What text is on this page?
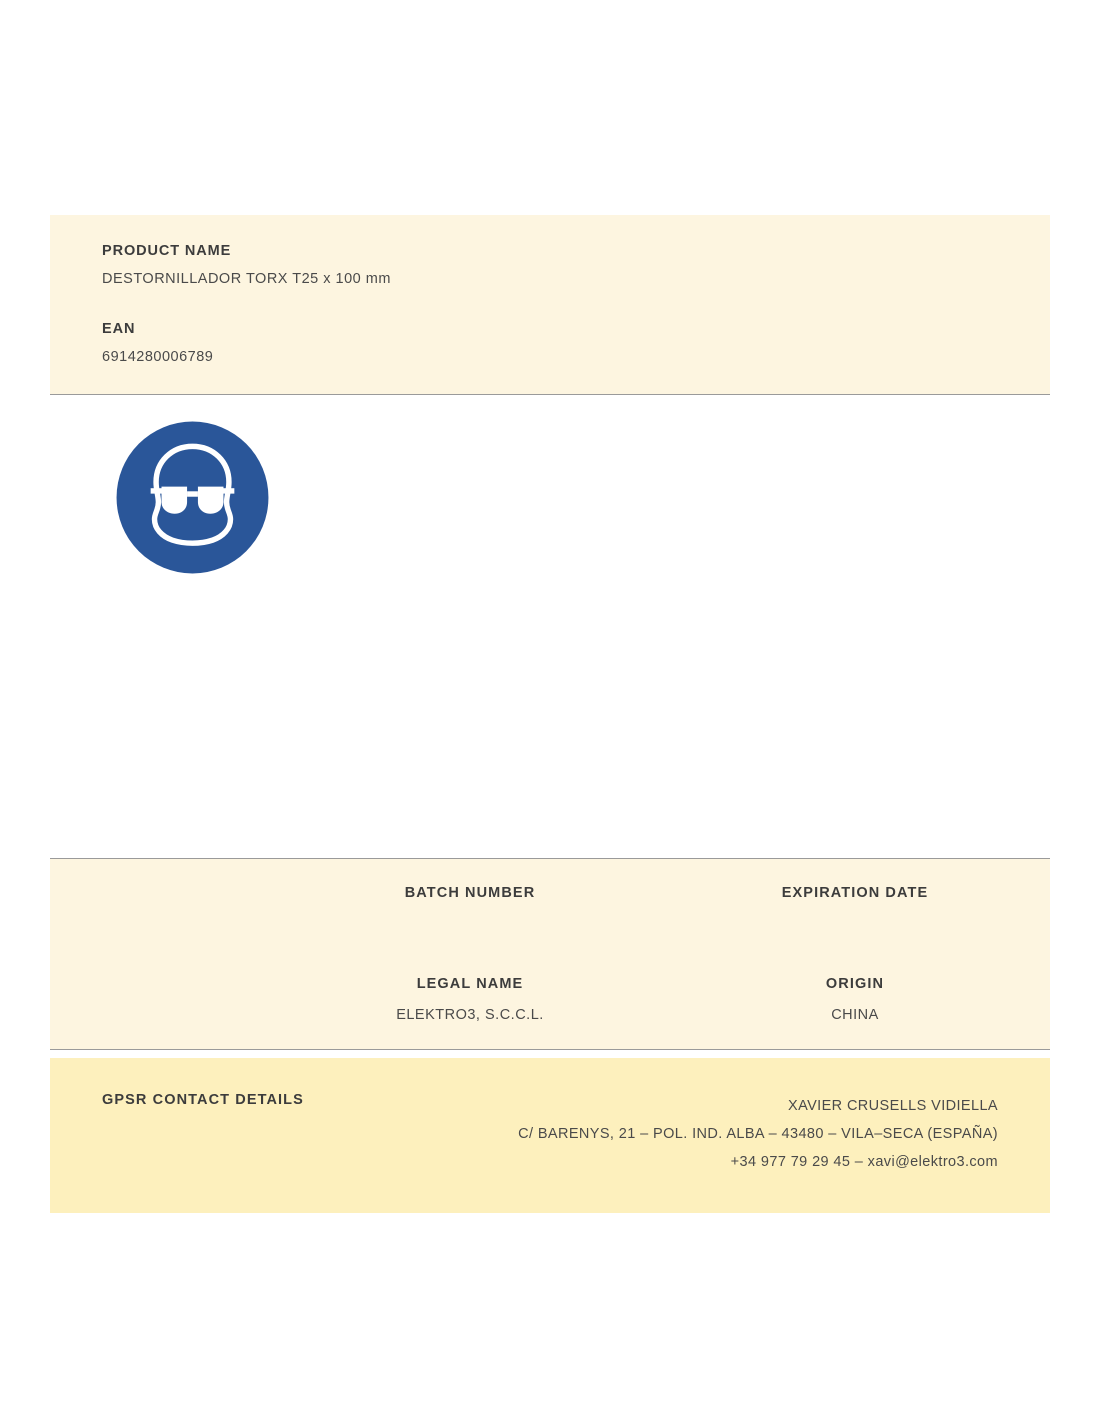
PRODUCT NAME
DESTORNILLADOR TORX T25 x 100 mm
EAN
6914280006789
BATCH NUMBER	EXPIRATION DATE
LEGAL NAME
ELEKTRO3, S.C.C.L.
ORIGIN
CHINA
GPSR CONTACT DETAILS	XAVIER CRUSELLS VIDIELLA
C/ BARENYS, 21 – POL. IND. ALBA – 43480 – VILA–SECA (ESPAÑA)
+34 977 79 29 45 – xavi@elektro3.com
